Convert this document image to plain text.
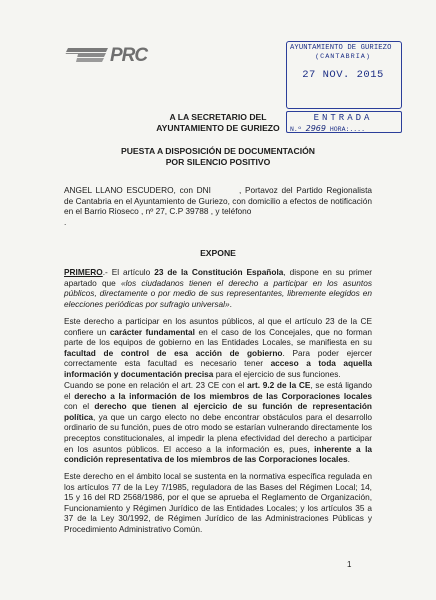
PRC	AYUNTAMIENTO DE GURIEZO
(CANTABRIA)
27 NOV. 2015
ENTRADA
N.º 2969 HORA:....
A LA SECRETARIO DEL
AYUNTAMIENTO DE GURIEZO
PUESTA A DISPOSICIÓN DE DOCUMENTACIÓN
POR SILENCIO POSITIVO
ANGEL LLANO ESCUDERO, con DNI	, Portavoz del Partido Regionalista de Cantabria en el Ayuntamiento de Guriezo, con domicilio a efectos de notificación en el Barrio Rioseco , nº 27, C.P 39788 , y teléfono
.
EXPONE
PRIMERO.- El artículo 23 de la Constitución Española, dispone en su primer apartado que «los ciudadanos tienen el derecho a participar en los asuntos públicos, directamente o por medio de sus representantes, libremente elegidos en elecciones periódicas por sufragio universal».
Este derecho a participar en los asuntos públicos, al que el artículo 23 de la CE confiere un carácter fundamental en el caso de los Concejales, que no forman parte de los equipos de gobierno en las Entidades Locales, se manifiesta en su facultad de control de esa acción de gobierno. Para poder ejercer correctamente esta facultad es necesario tener acceso a toda aquella información y documentación precisa para el ejercicio de sus funciones.
Cuando se pone en relación el art. 23 CE con el art. 9.2 de la CE, se está ligando el derecho a la información de los miembros de las Corporaciones locales con el derecho que tienen al ejercicio de su función de representación política, ya que un cargo electo no debe encontrar obstáculos para el desarrollo ordinario de su función, pues de otro modo se estarían vulnerando directamente los preceptos constitucionales, al impedir la plena efectividad del derecho a participar en los asuntos públicos. El acceso a la información es, pues, inherente a la condición representativa de los miembros de las Corporaciones locales.
Este derecho en el ámbito local se sustenta en la normativa específica regulada en los artículos 77 de la Ley 7/1985, reguladora de las Bases del Régimen Local; 14, 15 y 16 del RD 2568/1986, por el que se aprueba el Reglamento de Organización, Funcionamiento y Régimen Jurídico de las Entidades Locales; y los artículos 35 a 37 de la Ley 30/1992, de Régimen Jurídico de las Administraciones Públicas y Procedimiento Administrativo Común.
1
